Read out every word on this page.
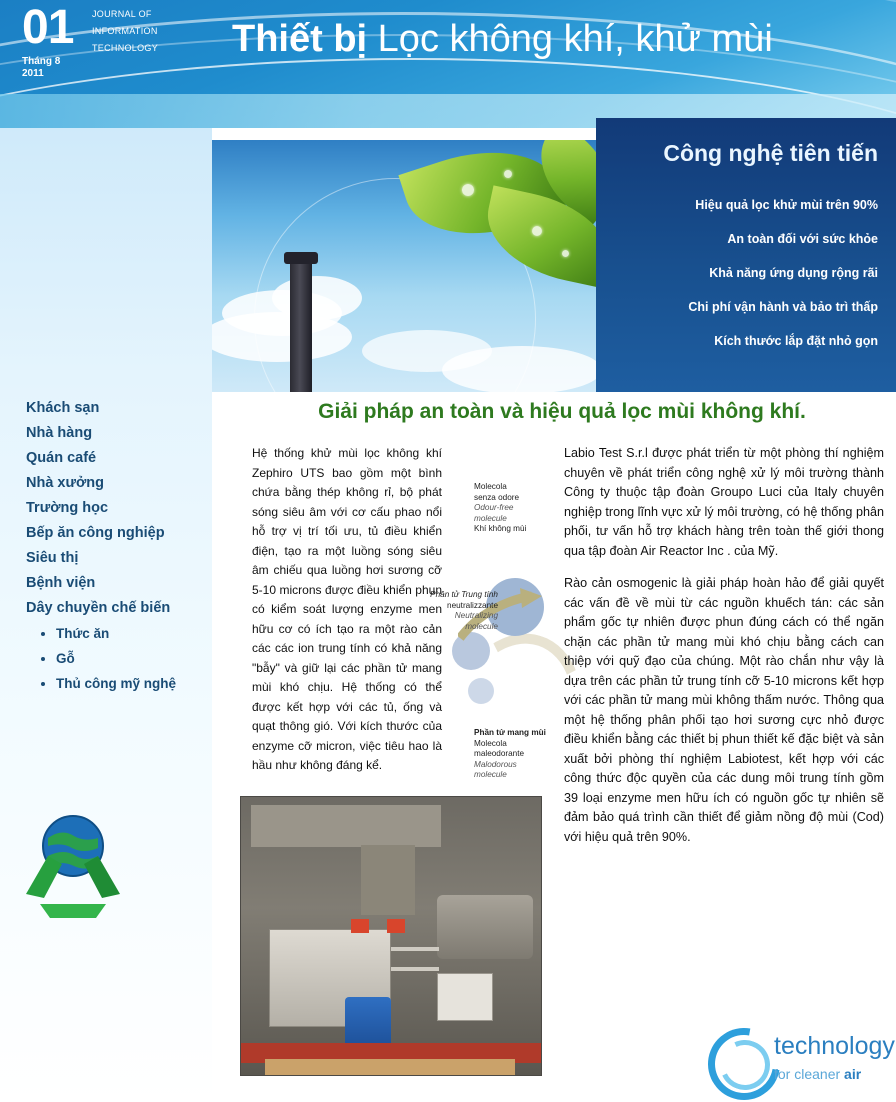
01
Tháng 8
2011
JOURNAL OF
INFORMATION
TECHNOLOGY	Thiết bị Lọc không khí, khử mùi
Khách sạn
Nhà hàng
Quán café
Nhà xưởng
Trường học
Bếp ăn công nghiệp
Siêu thị
Bệnh viện
Dây chuyền chế biến
• Thức ăn
• Gỗ
• Thủ công mỹ nghệ
Công nghệ tiên tiến
Hiệu quả lọc khử mùi trên 90%
An toàn đối với sức khỏe
Khả năng ứng dụng rộng rãi
Chi phí vận hành và bảo trì thấp
Kích thước lắp đặt nhỏ gọn
Giải pháp an toàn và hiệu quả lọc mùi không khí.
Hệ thống khử mùi lọc không khí Zephiro UTS bao gồm một bình chứa bằng thép không rỉ, bộ phát sóng siêu âm với cơ cấu phao nổi hỗ trợ vị trí tối ưu, tủ điều khiển điện, tạo ra một luồng sóng siêu âm chiếu qua luồng hơi sương cỡ 5-10 microns được điều khiển phun có kiểm soát lượng enzyme men hữu cơ có ích tạo ra một rào cản các các ion trung tính có khả năng "bẫy" và giữ lại các phần tử mang mùi khó chịu. Hệ thống có thể được kết hợp với các tủ, ống và quạt thông gió. Với kích thước của enzyme cỡ micron, việc tiêu hao là hầu như không đáng kể.
Molecola
senza odore
Odour-free
molecule
Khí không mùi
Phân tử Trung tính
neutralizzante
Neutralizing
molecule
Phần tử mang mùi
Molecola
maleodorante
Malodorous
molecule

Labio Test S.r.l được phát triển từ một phòng thí nghiệm chuyên về phát triển công nghệ xử lý môi trường thành Công ty thuộc tập đoàn Groupo Luci của Italy chuyên nghiệp trong lĩnh vực xử lý môi trường, có hệ thống phân phối, tư vấn hỗ trợ khách hàng trên toàn thế giới thong qua tập đoàn Air Reactor Inc . của Mỹ.

Rào cản osmogenic là giải pháp hoàn hảo để giải quyết các vấn đề về mùi từ các nguồn khuếch tán: các sản phẩm gốc tự nhiên được phun đúng cách có thể ngăn chặn các phần tử mang mùi khó chịu bằng cách can thiệp với quỹ đạo của chúng. Một rào chắn như vậy là dựa trên các phần tử trung tính cỡ 5-10 microns kết hợp với các phần tử mang mùi không thấm nước. Thông qua một hệ thống phân phối tạo hơi sương cực nhỏ được điều khiển bằng các thiết bị phun thiết kế đặc biệt và sản xuất bởi phòng thí nghiệm Labiotest, kết hợp với các công thức độc quyền của các dung môi trung tính gồm 39 loại enzyme men hữu ích có nguồn gốc tự nhiên sẽ đảm bảo quá trình cần thiết để giảm nồng độ mùi (Cod) với hiệu quả trên 90%.

technology
for cleaner air
